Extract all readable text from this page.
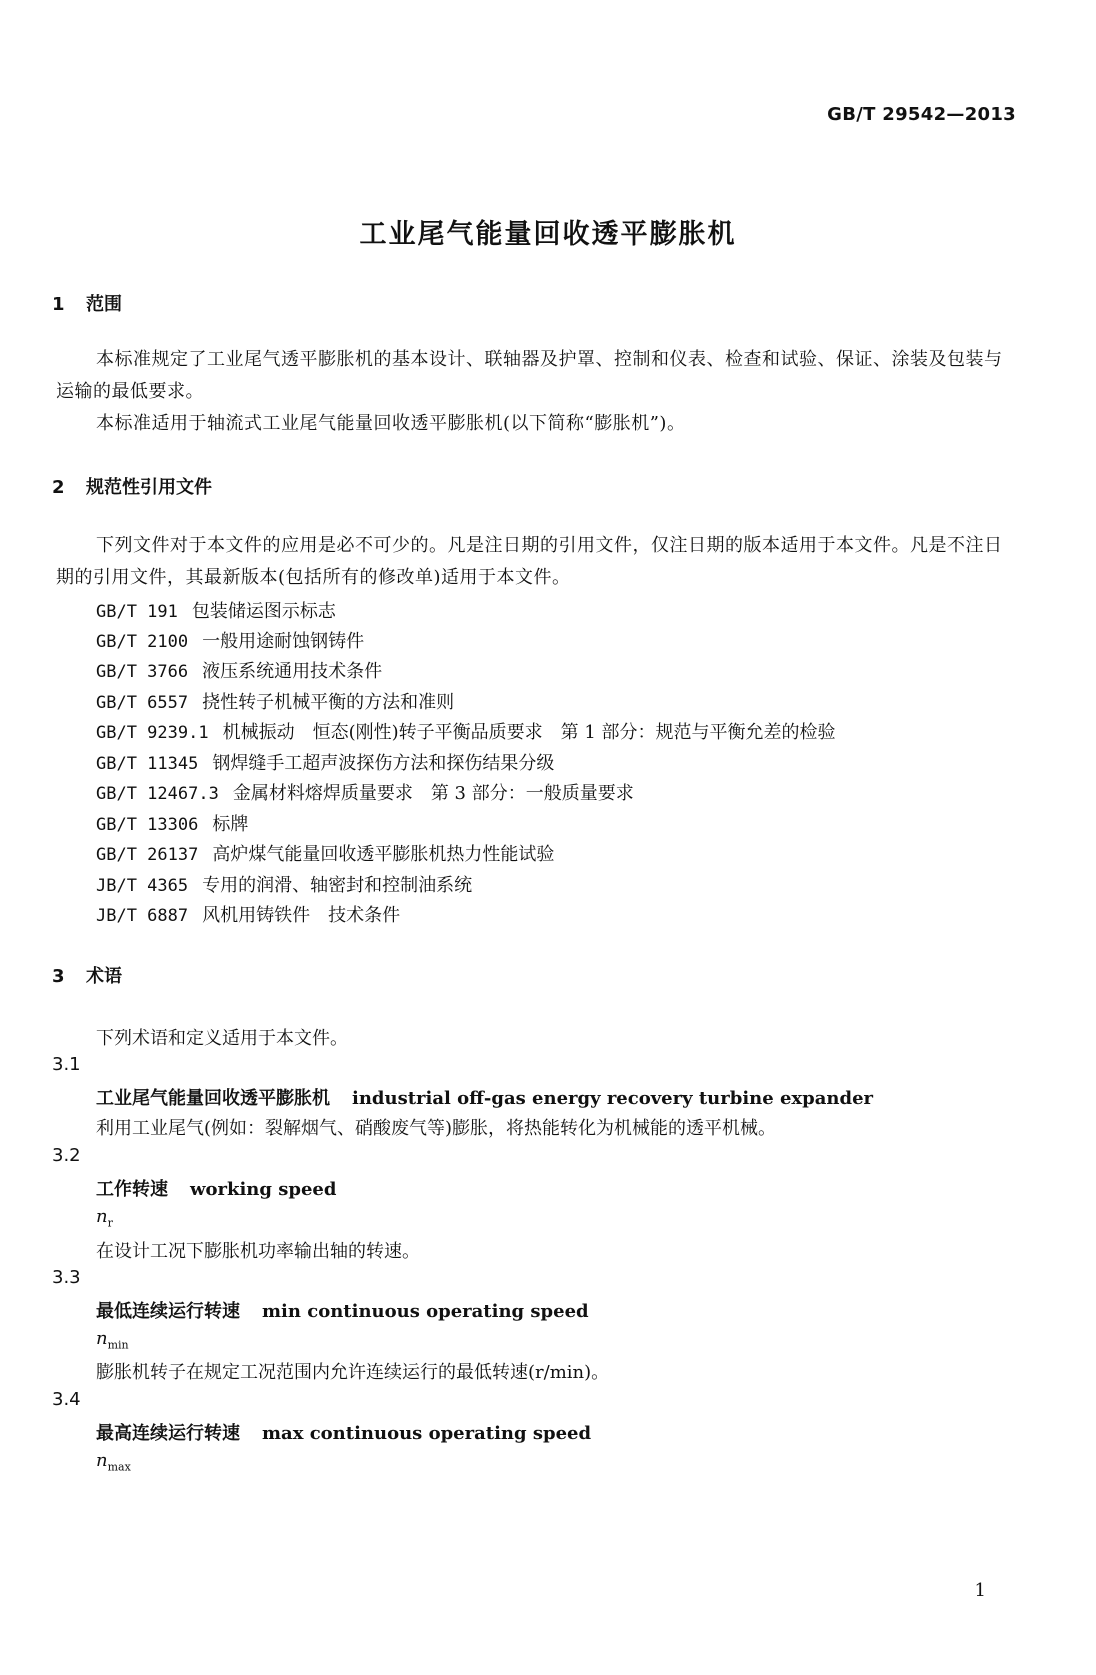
GB/T 29542—2013
工业尾气能量回收透平膨胀机
1 范围
本标准规定了工业尾气透平膨胀机的基本设计、联轴器及护罩、控制和仪表、检查和试验、保证、涂装及包装与运输的最低要求。
本标准适用于轴流式工业尾气能量回收透平膨胀机(以下简称“膨胀机”)。
2 规范性引用文件
下列文件对于本文件的应用是必不可少的。凡是注日期的引用文件，仅注日期的版本适用于本文件。凡是不注日期的引用文件，其最新版本(包括所有的修改单)适用于本文件。
GB/T 191 包装储运图示标志
GB/T 2100 一般用途耐蚀钢铸件
GB/T 3766 液压系统通用技术条件
GB/T 6557 挠性转子机械平衡的方法和准则
GB/T 9239.1 机械振动　恒态(刚性)转子平衡品质要求　第 1 部分：规范与平衡允差的检验
GB/T 11345 钢焊缝手工超声波探伤方法和探伤结果分级
GB/T 12467.3 金属材料熔焊质量要求　第 3 部分：一般质量要求
GB/T 13306 标牌
GB/T 26137 高炉煤气能量回收透平膨胀机热力性能试验
JB/T 4365 专用的润滑、轴密封和控制油系统
JB/T 6887 风机用铸铁件　技术条件
3 术语
下列术语和定义适用于本文件。
3.1
工业尾气能量回收透平膨胀机 industrial off-gas energy recovery turbine expander
利用工业尾气(例如：裂解烟气、硝酸废气等)膨胀，将热能转化为机械能的透平机械。
3.2
工作转速 working speed
$n_r$
在设计工况下膨胀机功率输出轴的转速。
3.3
最低连续运行转速 min continuous operating speed
$n_{min}$
膨胀机转子在规定工况范围内允许连续运行的最低转速(r/min)。
3.4
最高连续运行转速 max continuous operating speed
$n_{max}$
1
